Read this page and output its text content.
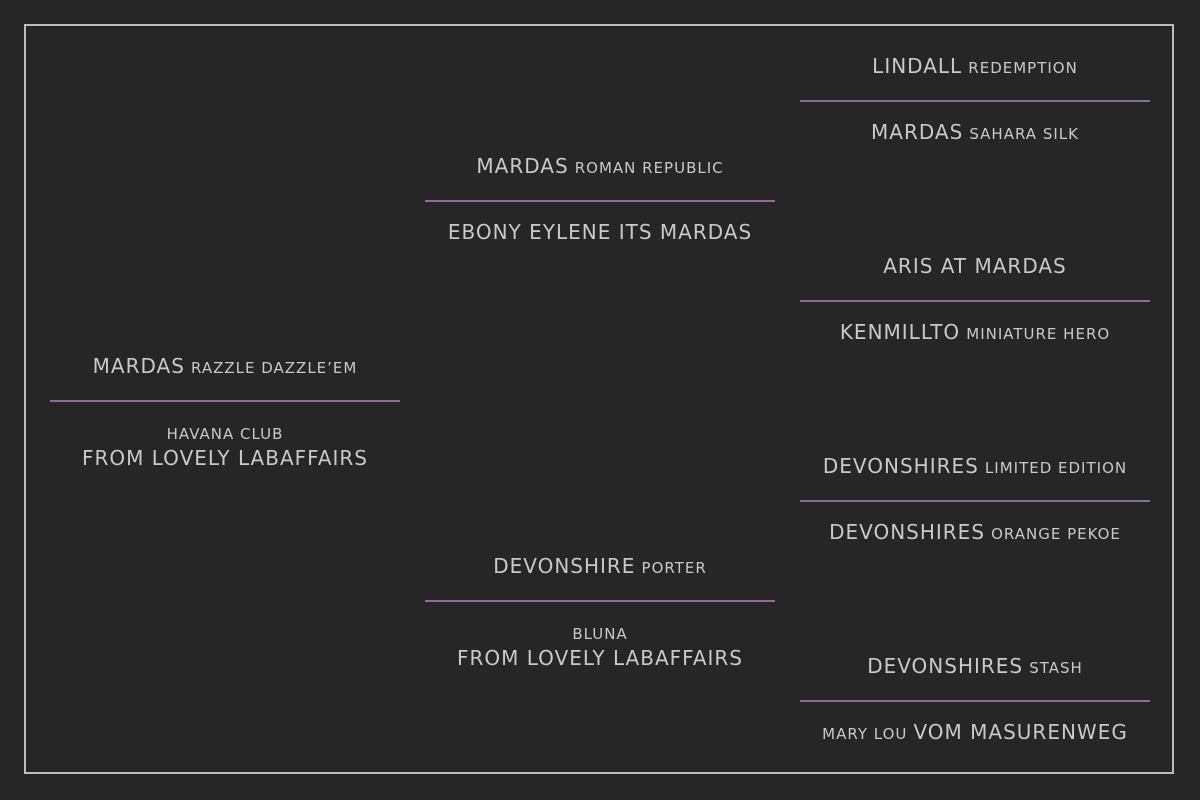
MARDAS RAZZLE DAZZLE’EM
HAVANA CLUB
FROM LOVELY LABAFFAIRS
MARDAS ROMAN REPUBLIC
EBONY EYLENE ITS MARDAS
DEVONSHIRE PORTER
BLUNA
FROM LOVELY LABAFFAIRS
LINDALL REDEMPTION
MARDAS SAHARA SILK
ARIS AT MARDAS
KENMILLTO MINIATURE HERO
DEVONSHIRES LIMITED EDITION
DEVONSHIRES ORANGE PEKOE
DEVONSHIRES STASH
MARY LOU VOM MASURENWEG
